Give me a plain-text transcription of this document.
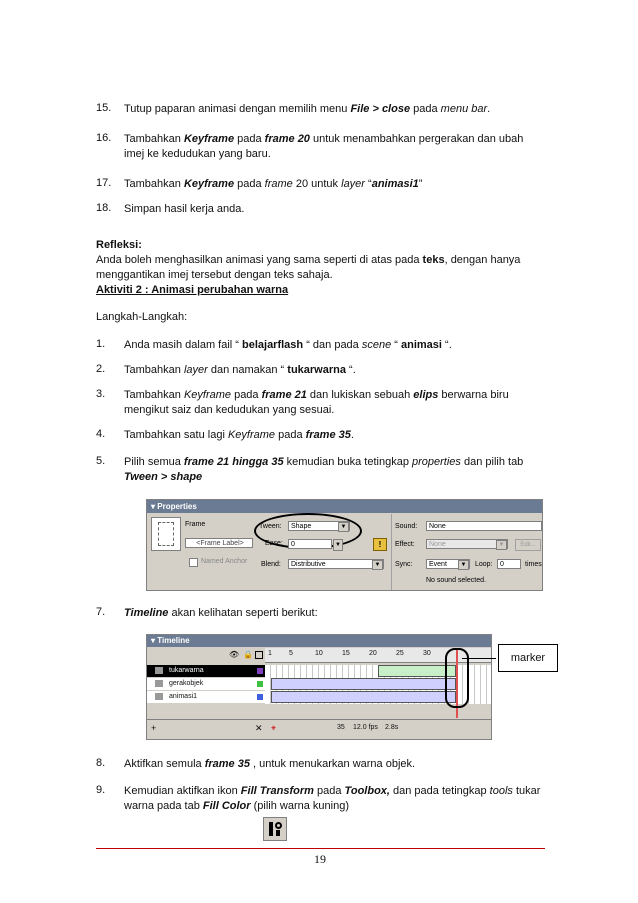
15. Tutup paparan animasi dengan memilih menu File > close pada menu bar.
16. Tambahkan Keyframe pada frame 20 untuk menambahkan pergerakan dan ubah imej ke kedudukan yang baru.
17. Tambahkan Keyframe pada frame 20 untuk layer “animasi1”
18. Simpan hasil kerja anda.
Refleksi:
Anda boleh menghasilkan animasi yang sama seperti di atas pada teks, dengan hanya menggantikan imej tersebut dengan teks sahaja.
Aktiviti 2 : Animasi perubahan warna
Langkah-Langkah:
1. Anda masih dalam fail “ belajarflash “ dan pada scene “ animasi “.
2. Tambahkan layer dan namakan “ tukarwarna “.
3. Tambahkan Keyframe pada frame 21 dan lukiskan sebuah elips berwarna biru mengikut saiz dan kedudukan yang sesuai.
4. Tambahkan satu lagi Keyframe pada frame 35.
5. Pilih semua frame 21 hingga 35 kemudian buka tetingkap properties dan pilih tab Tween > shape
▾ Properties
Frame
<Frame Label>
Named Anchor
Tween:	Shape	▼
Ease:	0	▼	!
Blend:	Distributive	▼
Sound:	None
Effect:	None	▼	Edit...
Sync:	Event	▼	Loop:	0	times
No sound selected.
7. Timeline akan kelihatan seperti berikut:
▾ Timeline
1 5	10	15	20	25	30
👁 🔒
tukarwarna
gerakobjek
animasi1
+	✕ ⌖	35 12.0 fps 2.8s
marker
8. Aktifkan semula frame 35 , untuk menukarkan warna objek.
9. Kemudian aktifkan ikon Fill Transform pada Toolbox, dan pada tetingkap tools tukar warna pada tab Fill Color (pilih warna kuning)
19
